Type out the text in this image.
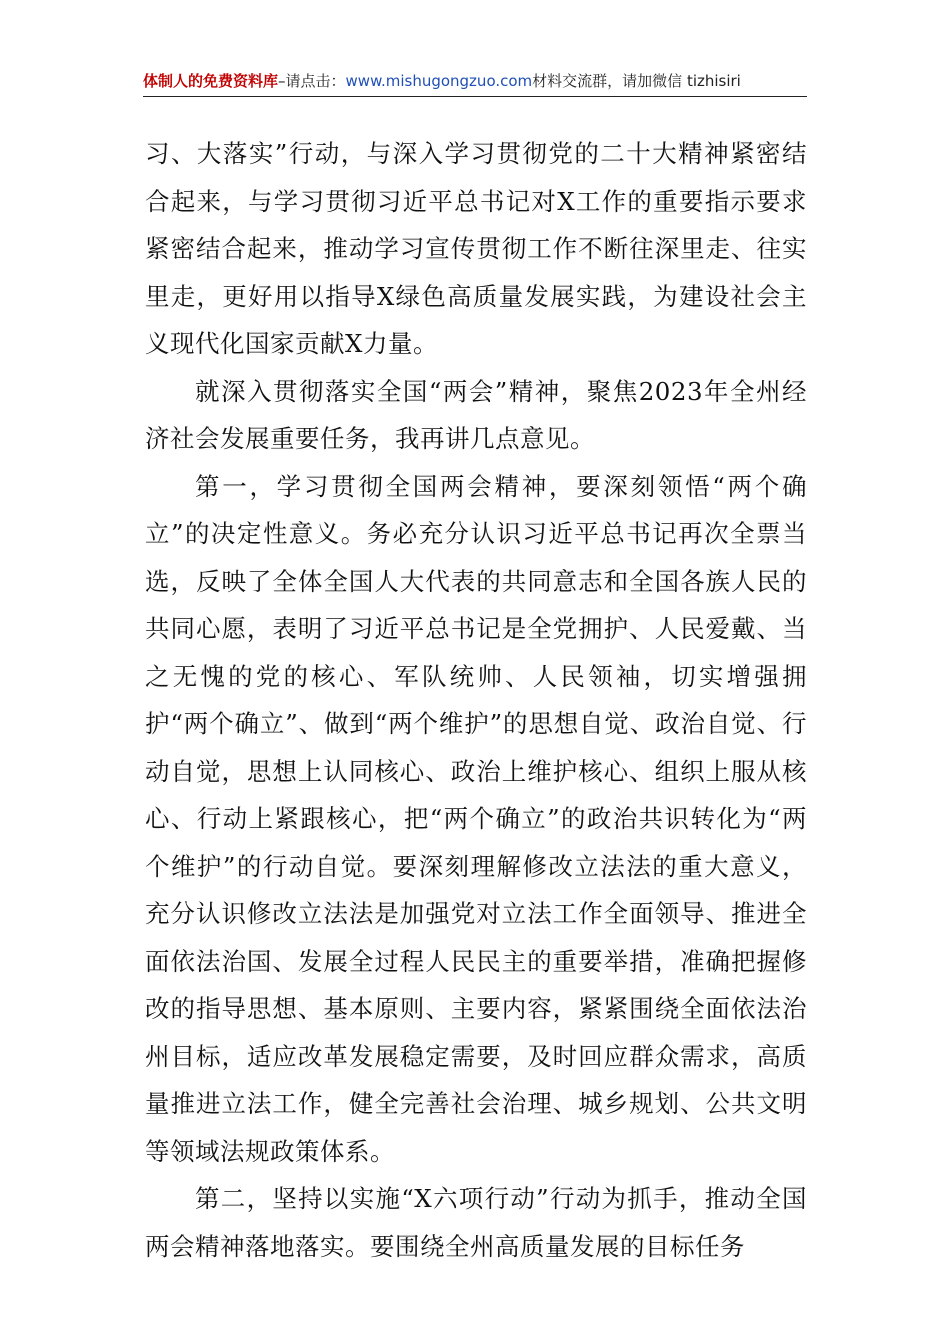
体制人的免费资料库–请点击：www.mishugongzuo.com材料交流群，请加微信 tizhisiri

习、大落实”行动，与深入学习贯彻党的二十大精神紧密结合起来，与学习贯彻习近平总书记对X工作的重要指示要求紧密结合起来，推动学习宣传贯彻工作不断往深里走、往实里走，更好用以指导X绿色高质量发展实践，为建设社会主义现代化国家贡献X力量。

就深入贯彻落实全国“两会”精神，聚焦2023年全州经济社会发展重要任务，我再讲几点意见。

第一，学习贯彻全国两会精神，要深刻领悟“两个确立”的决定性意义。务必充分认识习近平总书记再次全票当选，反映了全体全国人大代表的共同意志和全国各族人民的共同心愿，表明了习近平总书记是全党拥护、人民爱戴、当之无愧的党的核心、军队统帅、人民领袖，切实增强拥护“两个确立”、做到“两个维护”的思想自觉、政治自觉、行动自觉，思想上认同核心、政治上维护核心、组织上服从核心、行动上紧跟核心，把“两个确立”的政治共识转化为“两个维护”的行动自觉。要深刻理解修改立法法的重大意义，充分认识修改立法法是加强党对立法工作全面领导、推进全面依法治国、发展全过程人民民主的重要举措，准确把握修改的指导思想、基本原则、主要内容，紧紧围绕全面依法治州目标，适应改革发展稳定需要，及时回应群众需求，高质量推进立法工作，健全完善社会治理、城乡规划、公共文明等领域法规政策体系。

第二，坚持以实施“X六项行动”行动为抓手，推动全国两会精神落地落实。要围绕全州高质量发展的目标任务
